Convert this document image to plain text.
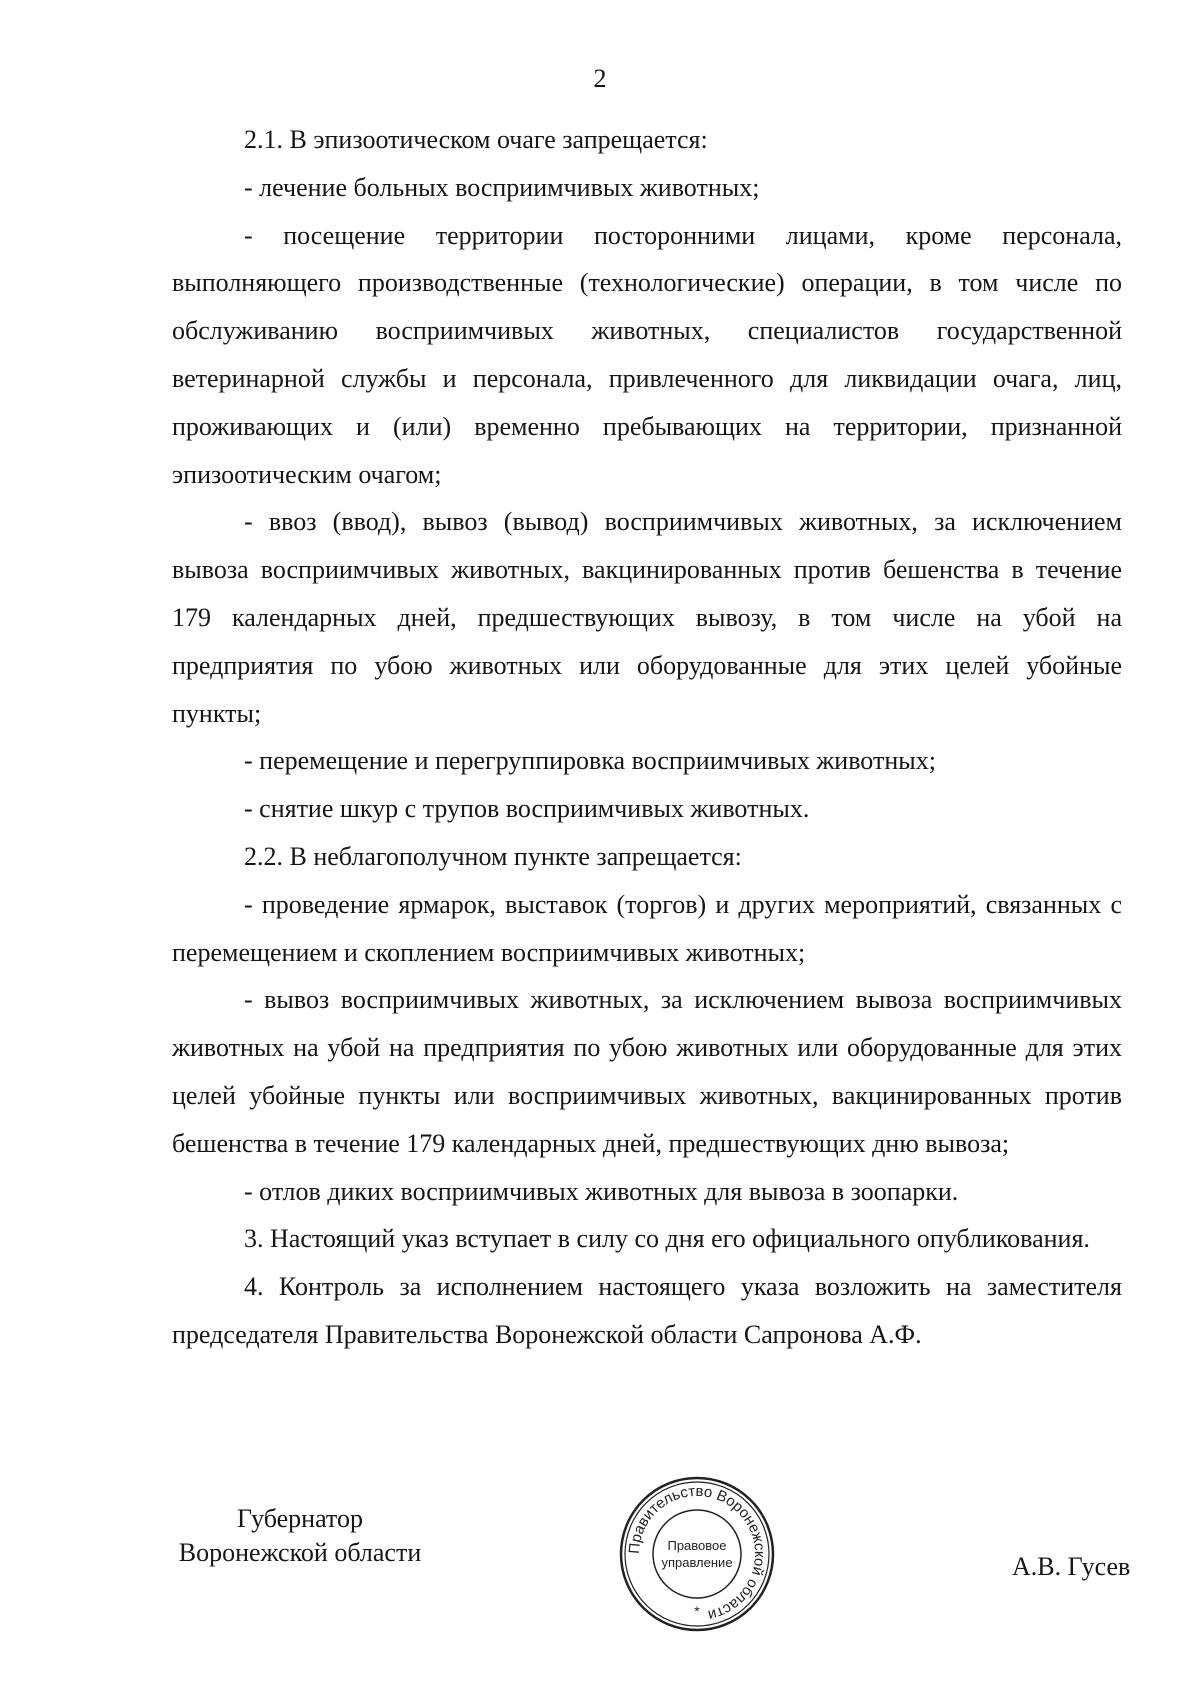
2

2.1. В эпизоотическом очаге запрещается:

- лечение больных восприимчивых животных;

- посещение территории посторонними лицами, кроме персонала, выполняющего производственные (технологические) операции, в том числе по обслуживанию восприимчивых животных, специалистов государственной ветеринарной службы и персонала, привлеченного для ликвидации очага, лиц, проживающих и (или) временно пребывающих на территории, признанной эпизоотическим очагом;

- ввоз (ввод), вывоз (вывод) восприимчивых животных, за исключением вывоза восприимчивых животных, вакцинированных против бешенства в течение 179 календарных дней, предшествующих вывозу, в том числе на убой на предприятия по убою животных или оборудованные для этих целей убойные пункты;

- перемещение и перегруппировка восприимчивых животных;

- снятие шкур с трупов восприимчивых животных.

2.2. В неблагополучном пункте запрещается:

- проведение ярмарок, выставок (торгов) и других мероприятий, связанных с перемещением и скоплением восприимчивых животных;

- вывоз восприимчивых животных, за исключением вывоза восприимчивых животных на убой на предприятия по убою животных или оборудованные для этих целей убойные пункты или восприимчивых животных, вакцинированных против бешенства в течение 179 календарных дней, предшествующих дню вывоза;

- отлов диких восприимчивых животных для вывоза в зоопарки.

3. Настоящий указ вступает в силу со дня его официального опубликования.

4. Контроль за исполнением настоящего указа возложить на заместителя председателя Правительства Воронежской области Сапронова А.Ф.

Губернатор
Воронежской области	Правительство Воронежской области
Правовое
управление
*
А.В. Гусев
